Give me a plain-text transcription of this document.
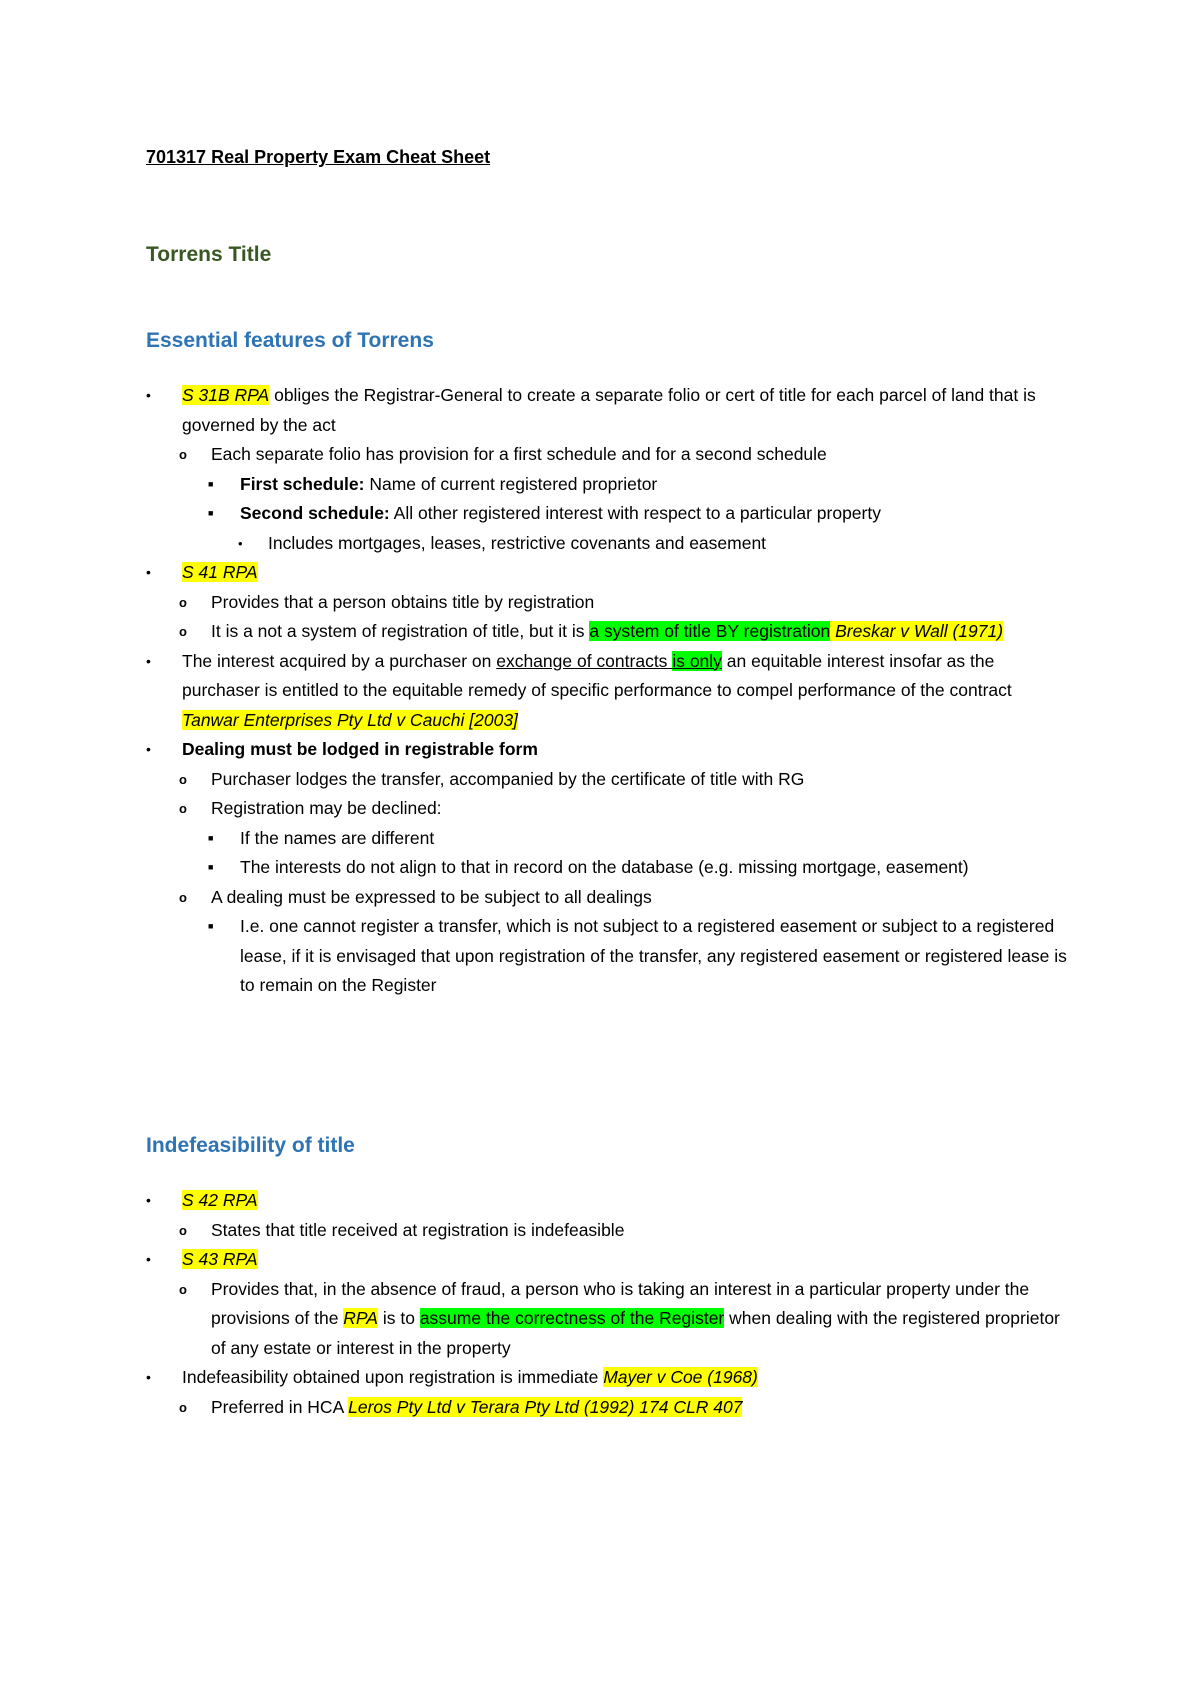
701317 Real Property Exam Cheat Sheet
Torrens Title
Essential features of Torrens
• S 31B RPA obliges the Registrar-General to create a separate folio or cert of title for each parcel of land that is governed by the act
o Each separate folio has provision for a first schedule and for a second schedule
■ First schedule: Name of current registered proprietor
■ Second schedule: All other registered interest with respect to a particular property
• Includes mortgages, leases, restrictive covenants and easement
• S 41 RPA
o Provides that a person obtains title by registration
o It is a not a system of registration of title, but it is a system of title BY registration Breskar v Wall (1971)
• The interest acquired by a purchaser on exchange of contracts is only an equitable interest insofar as the purchaser is entitled to the equitable remedy of specific performance to compel performance of the contract Tanwar Enterprises Pty Ltd v Cauchi [2003]
• Dealing must be lodged in registrable form
o Purchaser lodges the transfer, accompanied by the certificate of title with RG
o Registration may be declined:
■ If the names are different
■ The interests do not align to that in record on the database (e.g. missing mortgage, easement)
o A dealing must be expressed to be subject to all dealings
■ I.e. one cannot register a transfer, which is not subject to a registered easement or subject to a registered lease, if it is envisaged that upon registration of the transfer, any registered easement or registered lease is to remain on the Register
Indefeasibility of title
• S 42 RPA
o States that title received at registration is indefeasible
• S 43 RPA
o Provides that, in the absence of fraud, a person who is taking an interest in a particular property under the provisions of the RPA is to assume the correctness of the Register when dealing with the registered proprietor of any estate or interest in the property
• Indefeasibility obtained upon registration is immediate Mayer v Coe (1968)
o Preferred in HCA Leros Pty Ltd v Terara Pty Ltd (1992) 174 CLR 407
